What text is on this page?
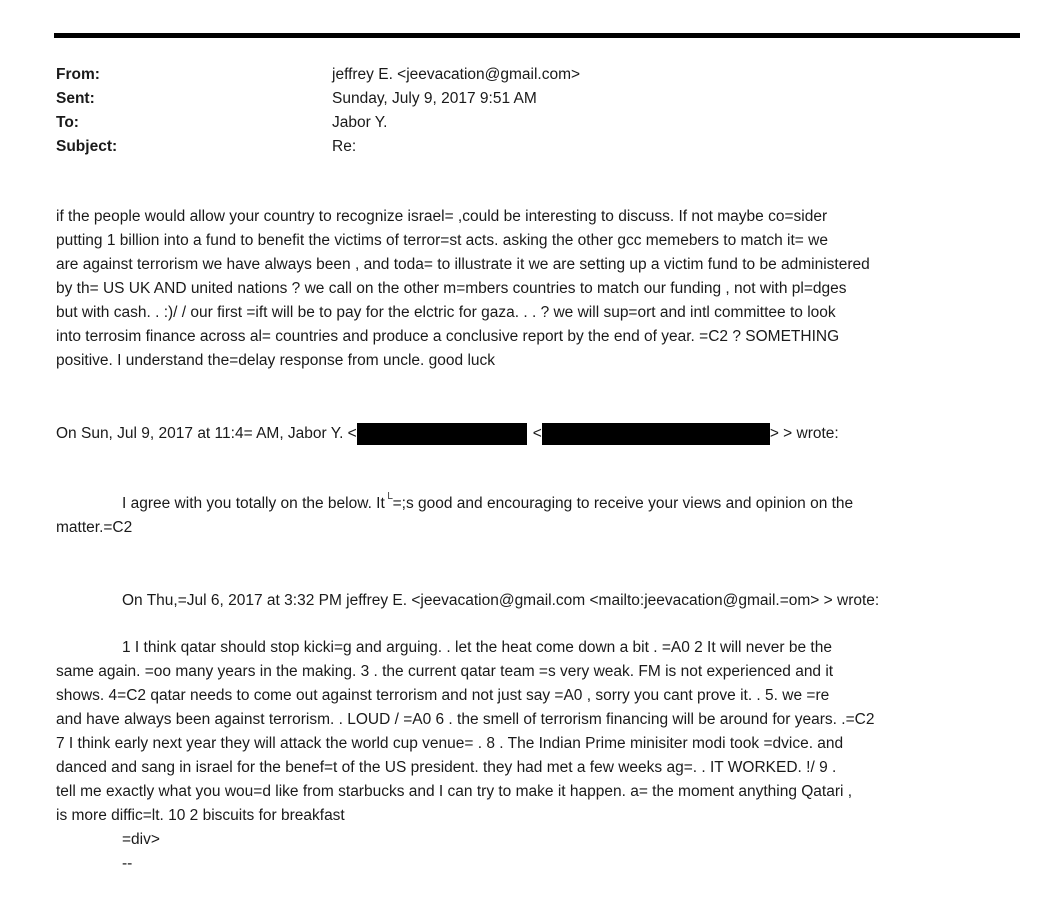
From:	jeffrey E. <jeevacation@gmail.com>
Sent:	Sunday, July 9, 2017 9:51 AM
To:	Jabor Y.
Subject:	Re:
if the people would allow your country to recognize israel= ,could be interesting to discuss. If not maybe co=sider
putting 1 billion into a fund to benefit the victims of terror=st acts. asking the other gcc memebers to match it= we
are against terrorism we have always been , and toda= to illustrate it we are setting up a victim fund to be administered
by th= US UK AND united nations ? we call on the other m=mbers countries to match our funding , not with pl=dges
but with cash. . :)/ / our first =ift will be to pay for the elctric for gaza. . . ? we will sup=ort and intl committee to look
into terrosim finance across al= countries and produce a conclusive report by the end of year. =C2 ? SOMETHING
positive. I understand the=delay response from uncle. good luck
On Sun, Jul 9, 2017 at 11:4= AM, Jabor Y. <	<	> > wrote:
I agree with you totally on the below. It└=;s good and encouraging to receive your views and opinion on the
matter.=C2
On Thu,=Jul 6, 2017 at 3:32 PM jeffrey E. <jeevacation@gmail.com <mailto:jeevacation@gmail.=om> > wrote:
1 I think qatar should stop kicki=g and arguing. . let the heat come down a bit . =A0 2 It will never be the
same again. =oo many years in the making. 3 . the current qatar team =s very weak. FM is not experienced and it
shows. 4=C2 qatar needs to come out against terrorism and not just say =A0 , sorry you cant prove it. . 5. we =re
and have always been against terrorism. . LOUD / =A0 6 . the smell of terrorism financing will be around for years. .=C2
7 I think early next year they will attack the world cup venue= . 8 . The Indian Prime minisiter modi took =dvice. and
danced and sang in israel for the benef=t of the US president. they had met a few weeks ag=. . IT WORKED. !/ 9 .
tell me exactly what you wou=d like from starbucks and I can try to make it happen. a= the moment anything Qatari ,
is more diffic=lt. 10 2 biscuits for breakfast
=div>
--
